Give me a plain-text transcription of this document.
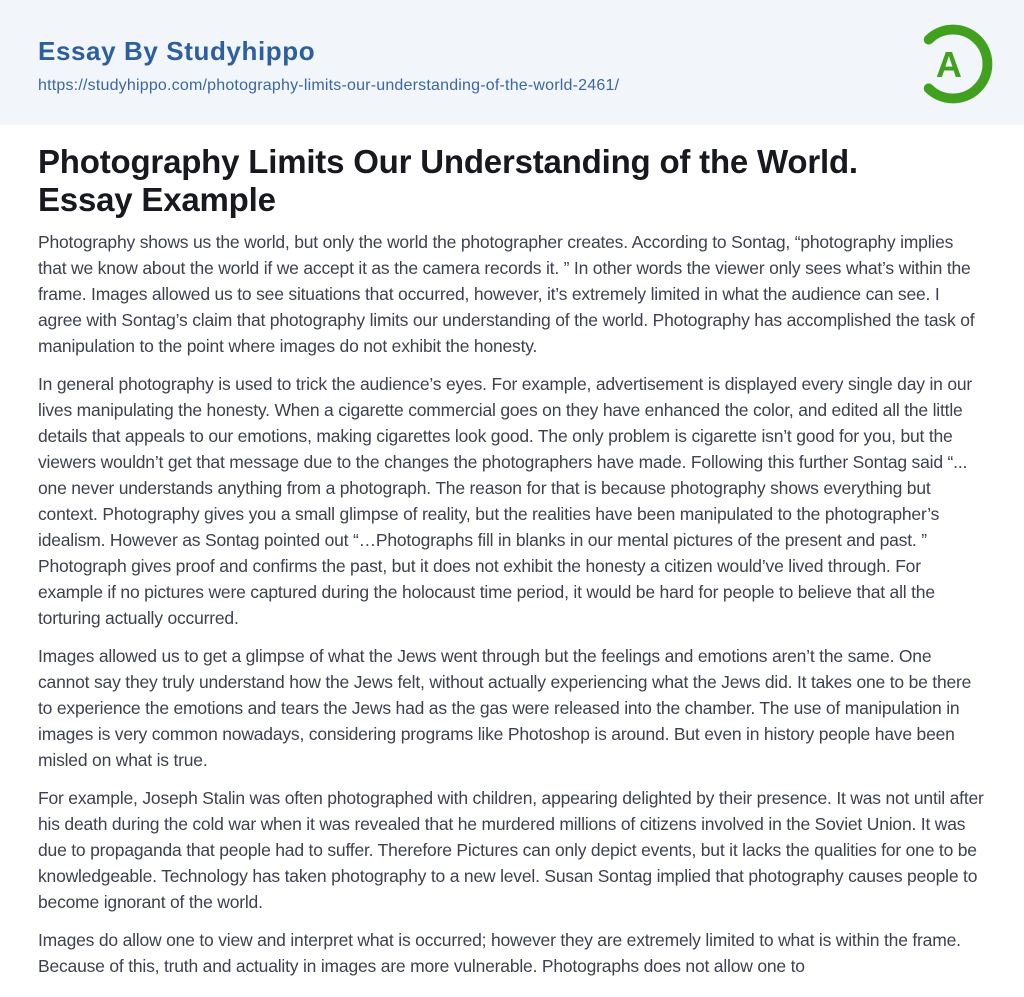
Essay By Studyhippo
https://studyhippo.com/photography-limits-our-understanding-of-the-world-2461/
A
Photography Limits Our Understanding of the World. Essay Example

Photography shows us the world, but only the world the photographer creates. According to Sontag, “photography implies that we know about the world if we accept it as the camera records it. ” In other words the viewer only sees what’s within the frame. Images allowed us to see situations that occurred, however, it’s extremely limited in what the audience can see. I agree with Sontag’s claim that photography limits our understanding of the world. Photography has accomplished the task of manipulation to the point where images do not exhibit the honesty.

In general photography is used to trick the audience’s eyes. For example, advertisement is displayed every single day in our lives manipulating the honesty. When a cigarette commercial goes on they have enhanced the color, and edited all the little details that appeals to our emotions, making cigarettes look good. The only problem is cigarette isn’t good for you, but the viewers wouldn’t get that message due to the changes the photographers have made. Following this further Sontag said “... one never understands anything from a photograph. The reason for that is because photography shows everything but context. Photography gives you a small glimpse of reality, but the realities have been manipulated to the photographer’s idealism. However as Sontag pointed out “…Photographs fill in blanks in our mental pictures of the present and past. ” Photograph gives proof and confirms the past, but it does not exhibit the honesty a citizen would’ve lived through. For example if no pictures were captured during the holocaust time period, it would be hard for people to believe that all the torturing actually occurred.

Images allowed us to get a glimpse of what the Jews went through but the feelings and emotions aren’t the same. One cannot say they truly understand how the Jews felt, without actually experiencing what the Jews did. It takes one to be there to experience the emotions and tears the Jews had as the gas were released into the chamber. The use of manipulation in images is very common nowadays, considering programs like Photoshop is around. But even in history people have been misled on what is true.

For example, Joseph Stalin was often photographed with children, appearing delighted by their presence. It was not until after his death during the cold war when it was revealed that he murdered millions of citizens involved in the Soviet Union. It was due to propaganda that people had to suffer. Therefore Pictures can only depict events, but it lacks the qualities for one to be knowledgeable. Technology has taken photography to a new level. Susan Sontag implied that photography causes people to become ignorant of the world.

Images do allow one to view and interpret what is occurred; however they are extremely limited to what is within the frame. Because of this, truth and actuality in images are more vulnerable. Photographs does not allow one to
